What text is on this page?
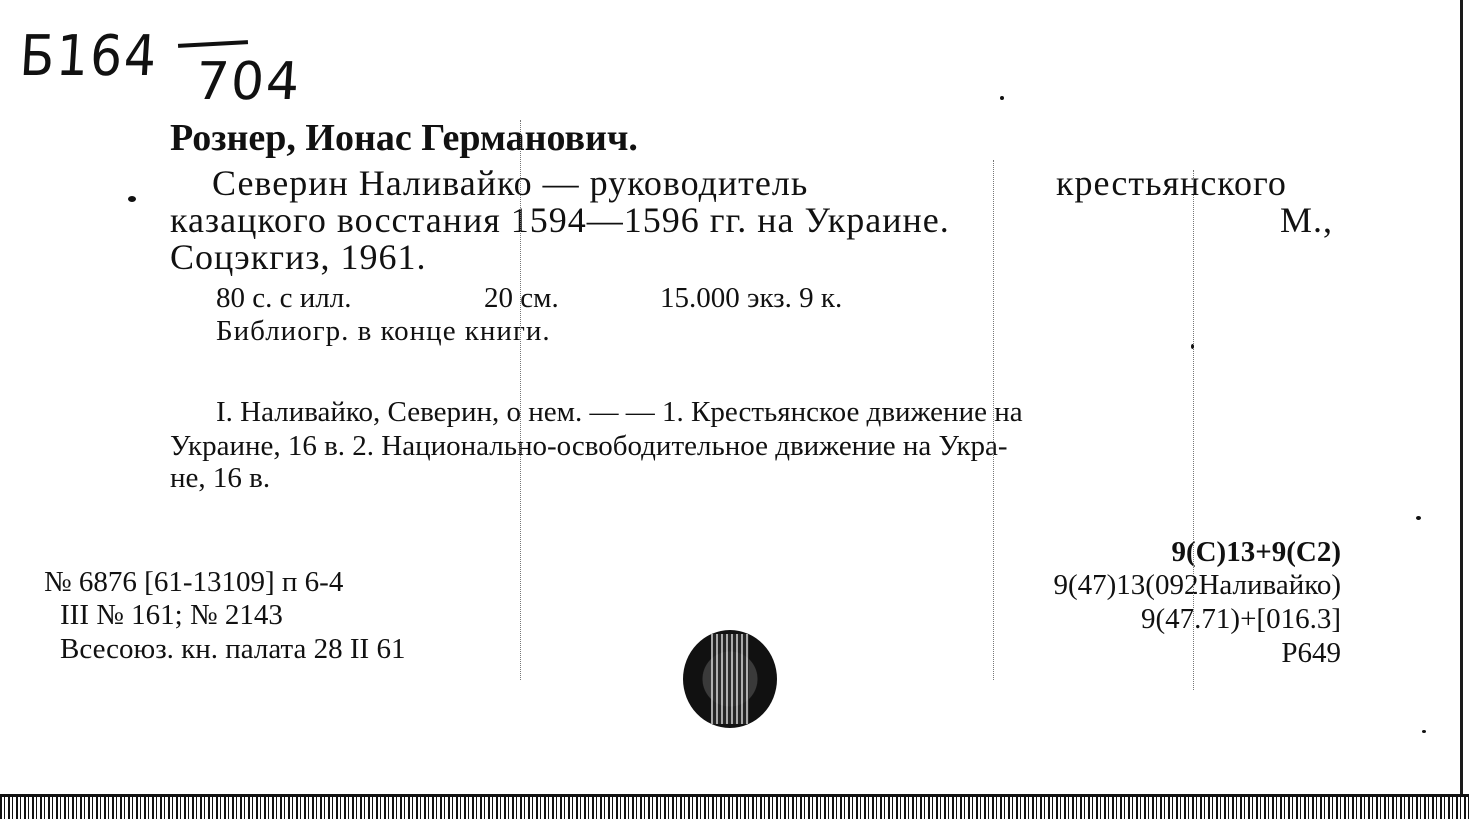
Б164 704
Рознер, Ионас Германович.
Северин Наливайко — руководитель	крестьянского
казацкого восстания 1594—1596 гг. на Украине.	М.,
Соцэкгиз, 1961.
80 с. с илл.	20 см.	15.000 экз. 9 к.
Библиогр. в конце книги.
I. Наливайко, Северин, о нем. — — 1. Крестьянское движение на
Украине, 16 в. 2. Национально-освободительное движение на Укра-
не, 16 в.
№ 6876 [61-13109] п 6-4
III № 161; № 2143
Всесоюз. кн. палата 28 II 61
9(С)13+9(С2)
9(47)13(092Наливайко)
9(47.71)+[016.3]
Р649
